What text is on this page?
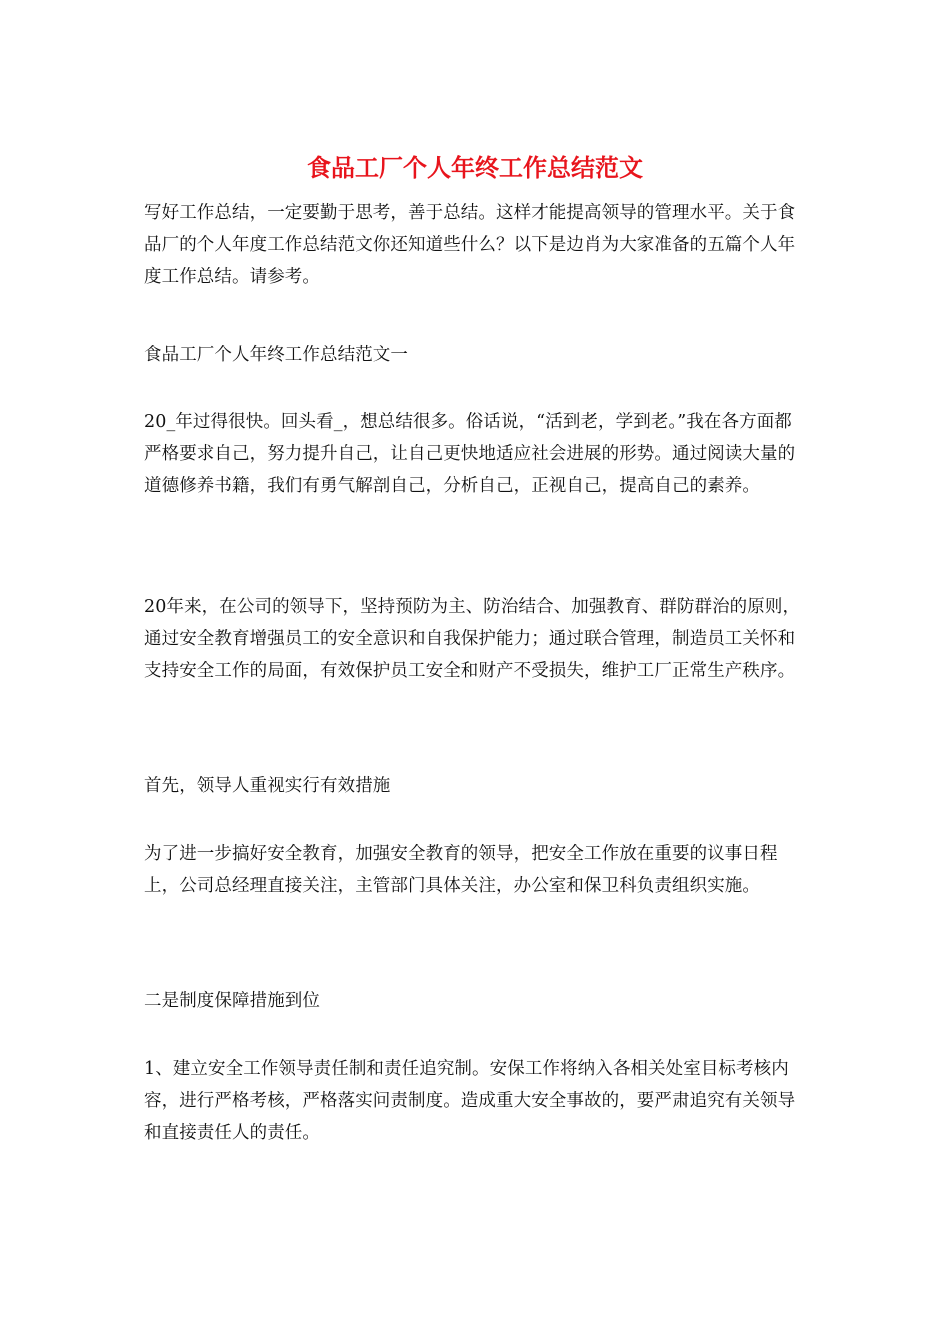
食品工厂个人年终工作总结范文

写好工作总结，一定要勤于思考，善于总结。这样才能提高领导的管理水平。关于食品厂的个人年度工作总结范文你还知道些什么？以下是边肖为大家准备的五篇个人年度工作总结。请参考。

食品工厂个人年终工作总结范文一

20_年过得很快。回头看_，想总结很多。俗话说，“活到老，学到老。”我在各方面都严格要求自己，努力提升自己，让自己更快地适应社会进展的形势。通过阅读大量的道德修养书籍，我们有勇气解剖自己，分析自己，正视自己，提高自己的素养。

20年来，在公司的领导下，坚持预防为主、防治结合、加强教育、群防群治的原则，通过安全教育增强员工的安全意识和自我保护能力；通过联合管理，制造员工关怀和支持安全工作的局面，有效保护员工安全和财产不受损失，维护工厂正常生产秩序。

首先，领导人重视实行有效措施

为了进一步搞好安全教育，加强安全教育的领导，把安全工作放在重要的议事日程上，公司总经理直接关注，主管部门具体关注，办公室和保卫科负责组织实施。

二是制度保障措施到位

1、建立安全工作领导责任制和责任追究制。安保工作将纳入各相关处室目标考核内容，进行严格考核，严格落实问责制度。造成重大安全事故的，要严肃追究有关领导和直接责任人的责任。
